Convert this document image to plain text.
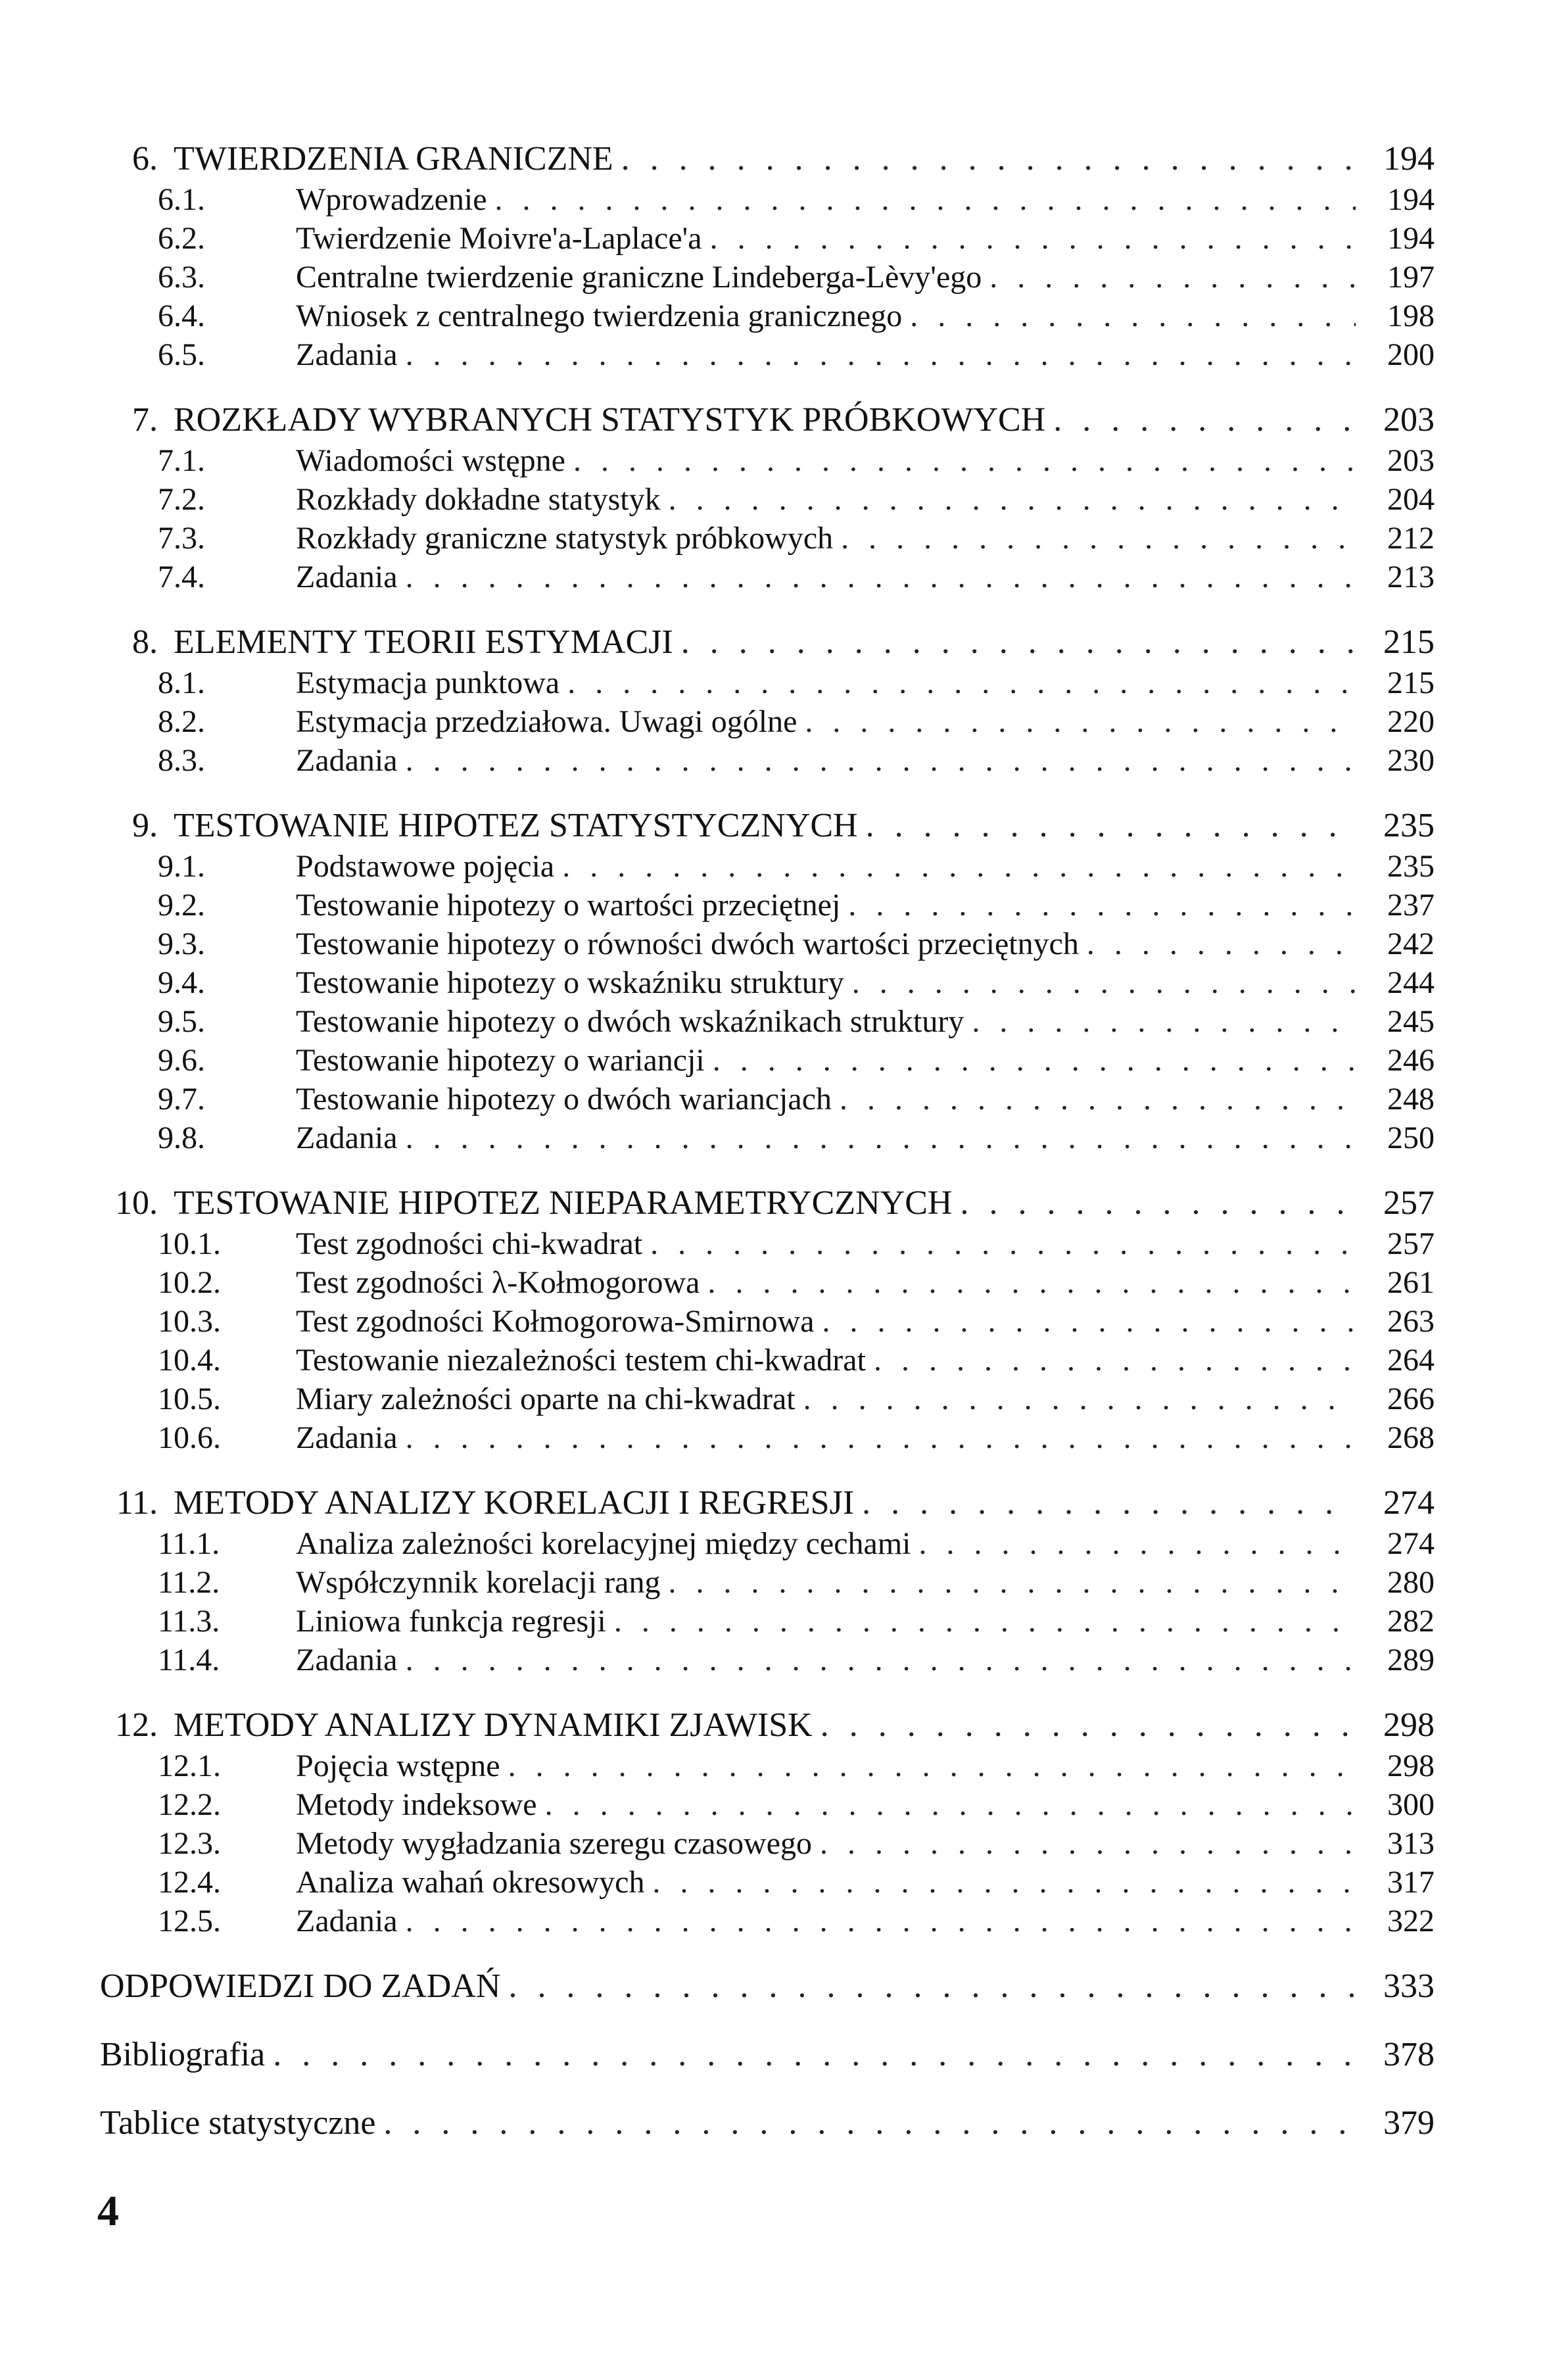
6. TWIERDZENIA GRANICZNE . . .	194
6.1.	Wprowadzenie . . .	194
6.2.	Twierdzenie Moivre'a-Laplace'a . . .	194
6.3.	Centralne twierdzenie graniczne Lindeberga-Lèvy'ego . . .	197
6.4.	Wniosek z centralnego twierdzenia granicznego . . .	198
6.5.	Zadania . . .	200
7. ROZKŁADY WYBRANYCH STATYSTYK PRÓBKOWYCH . . .	203
7.1.	Wiadomości wstępne . . .	203
7.2.	Rozkłady dokładne statystyk . . .	204
7.3.	Rozkłady graniczne statystyk próbkowych . . .	212
7.4.	Zadania . . .	213
8. ELEMENTY TEORII ESTYMACJI . . .	215
8.1.	Estymacja punktowa . . .	215
8.2.	Estymacja przedziałowa. Uwagi ogólne . . .	220
8.3.	Zadania . . .	230
9. TESTOWANIE HIPOTEZ STATYSTYCZNYCH . . .	235
9.1.	Podstawowe pojęcia . . .	235
9.2.	Testowanie hipotezy o wartości przeciętnej . . .	237
9.3.	Testowanie hipotezy o równości dwóch wartości przeciętnych . . .	242
9.4.	Testowanie hipotezy o wskaźniku struktury . . .	244
9.5.	Testowanie hipotezy o dwóch wskaźnikach struktury . . .	245
9.6.	Testowanie hipotezy o wariancji . . .	246
9.7.	Testowanie hipotezy o dwóch wariancjach . . .	248
9.8.	Zadania . . .	250
10. TESTOWANIE HIPOTEZ NIEPARAMETRYCZNYCH . . .	257
10.1.	Test zgodności chi-kwadrat . . .	257
10.2.	Test zgodności λ-Kołmogorowa . . .	261
10.3.	Test zgodności Kołmogorowa-Smirnowa . . .	263
10.4.	Testowanie niezależności testem chi-kwadrat . . .	264
10.5.	Miary zależności oparte na chi-kwadrat . . .	266
10.6.	Zadania . . .	268
11. METODY ANALIZY KORELACJI I REGRESJI . . .	274
11.1.	Analiza zależności korelacyjnej między cechami . . .	274
11.2.	Współczynnik korelacji rang . . .	280
11.3.	Liniowa funkcja regresji . . .	282
11.4.	Zadania . . .	289
12. METODY ANALIZY DYNAMIKI ZJAWISK . . .	298
12.1.	Pojęcia wstępne . . .	298
12.2.	Metody indeksowe . . .	300
12.3.	Metody wygładzania szeregu czasowego . . .	313
12.4.	Analiza wahań okresowych . . .	317
12.5.	Zadania . . .	322
ODPOWIEDZI DO ZADAŃ . . .	333
Bibliografia . . .	378
Tablice statystyczne . . .	379
4
